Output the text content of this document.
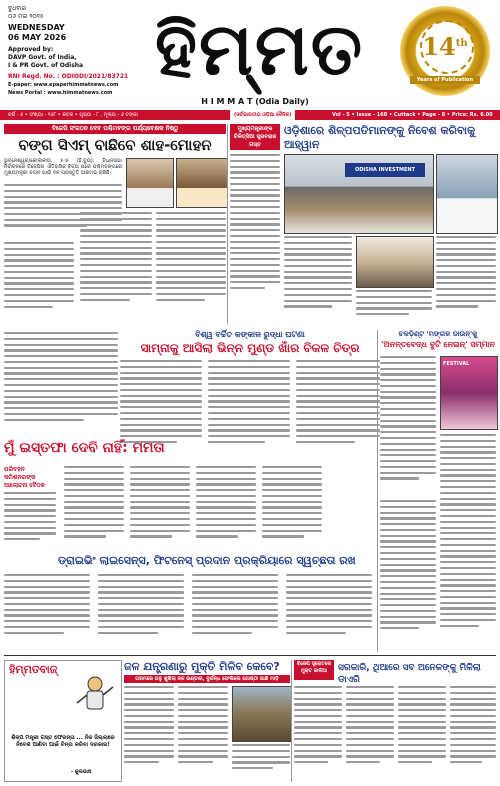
ବୁଧବାର
୦୬ ମଇ ୨୦୨୫
WEDNESDAY
06 MAY 2026
Approved by:
DAVP Govt. of India,
I & PR Govt. of Odisha
RNI Regd. No. : ODIODI/2021/83721
E-paper: www.epaperhimmatnews.com
News Portal : www.himmatnews.com
ହିମ୍ମତ
H I M M A T (Odia Daily)
14th
Years of Publication
ବର୍ଷ - ୫ • ସଂଖ୍ୟା - ୧୬୮ • କଟକ • ପୃଷ୍ଠା - ୮ , ମୂଲ୍ୟ - ୬ ଟଙ୍କା	(ସର୍ବଭାରତୀୟ ଓଡ଼ିଆ ଦୈନିକ)	Vol - 5 • Issue - 168 • Cuttack • Page - 8 • Price: Rs. 6.00
ବିଜେପି ସଂଗଠନ ଦେବ ପଶ୍ଚିମବଙ୍ଗ ପର୍ଯ୍ୟବେକ୍ଷକ ନିଷ୍ଠୁ
ବଙ୍ଗ ସିଏମ୍ ବାଛିବେ ଶାହ-ମୋହନ
ଭୁବନେଶ୍ୱର/କୋଲକାତା, ୫।୫ (ହି.ବ୍ୟୁ): ବିଧାନସଭା ନିର୍ବାଚନରେ ବିଜେପିର ଐତିହାସିକ ବିଜୟ ପରେ ପଶ୍ଚିମବଙ୍ଗରେ ମୁଖ୍ୟମନ୍ତ୍ରୀ ଚୟନ ପାଇଁ ଦଳ ପ୍ରସ୍ତୁତି ଆରମ୍ଭ କରିଛି।
ମୁଖ୍ୟମନ୍ତ୍ରୀଙ୍କ ଚିକିତ୍ସିଆ ସ୍ତ୍ରବରାଜ ଗସ୍ତ
ଓଡ଼ିଶାରେ ଶିଳ୍ପପତିମାନଙ୍କୁ ନିବେଶ କରିବାକୁ ଆହ୍ୱାନ
ODISHA INVESTMENT
ବିଶ୍ୱ ବର୍ଚ୍ଚିତ କଙ୍କାଳ ରୁଦ୍ଧା ଘଟଣା
ସାମ୍ନାକୁ ଆସିଲା ଭିନ୍ନ ମୁଣ୍ଡ ଖାଁର ବିକଳ ଚିତ୍ର
ମୁଁ ଇସ୍ତଫା ଦେବି ନାହିଁ: ମମତା
ପରିବହନ କମିଶନରଙ୍କ ଆଲୋଚନା ବୈଠକ
ଡ୍ରାଇଭିଂ ଲାଇସେନ୍ସ, ଫିଟନେସ୍ ପ୍ରଦାନ ପ୍ରକ୍ରିୟାରେ ସ୍ୱଚ୍ଛତା ରଖ
ଚକଡ଼ିଣ୍ଟ 'ମଙ୍ଗଳ ଡାଉନ୍'କୁ
'ଅନନ୍ତବେଦ୍ଧ ବୁଟି ନେଇନ୍' ସମ୍ମାନ
FESTIVAL
ହିମ୍ମତବାଜ୍
ଶିଳ୍ପ ମନ୍ତ୍ରୀ ଗସ୍ତ ଫେରନ୍ତା ... ନିଜ ଜିଲ୍ଲାରେ ନିବେଶ ଆଣିବା ପାଇଁ ଚିନ୍ତା କରିବା ଦରକାର!
- କୁଲଭାଷ
ଜଳ ଯନ୍ତ୍ରଣାରୁ ମୁକ୍ତି ମିଳିବ କେବେ?
ଗରମରେ ଗଳୁ ଶୁଖିଲା ଜଳ ଭଣ୍ଡାର, ଦୁର୍ଗନ୍ଧ ଫେଲିଲେ ଗୋଷ୍ଠୀ ପାଣି ମାଡ଼ି
ବିଜେପି ସ୍ତ୍ରୋଟରେ ମୁକ୍ତ କାଳିଆ	ସରକାରି, ଥିଆରେ ସବ ଅନେକଙ୍କୁ ମିଳିଲା ଡାଏରି
